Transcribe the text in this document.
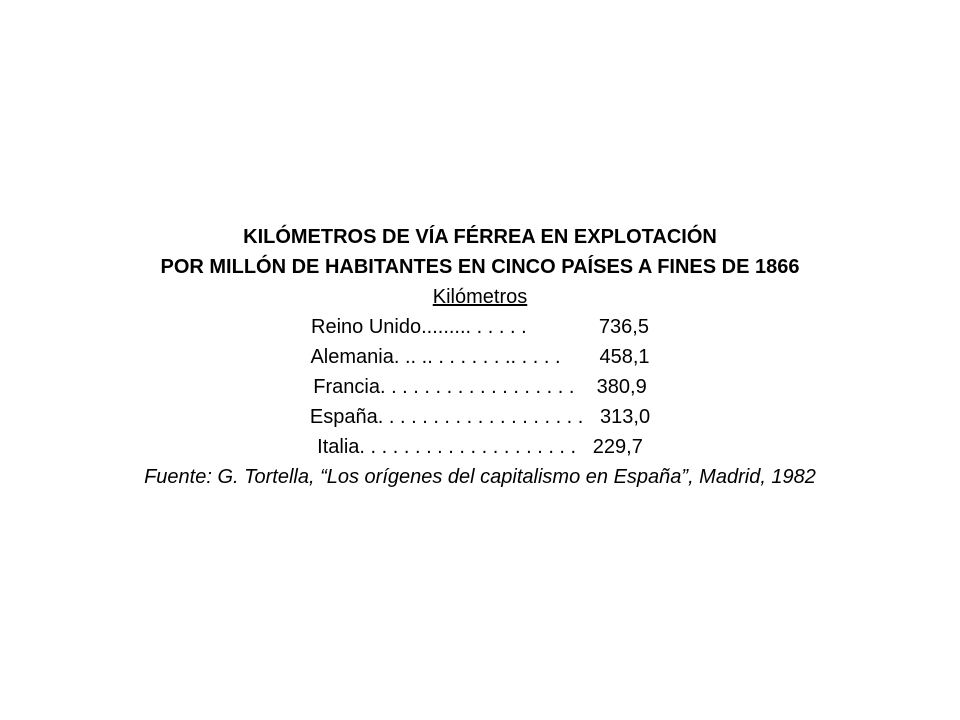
KILÓMETROS DE VÍA FÉRREA EN EXPLOTACIÓN
POR MILLÓN DE HABITANTES EN CINCO PAÍSES A FINES DE 1866
Kilómetros
Reino Unido......... . . . . .	736,5
Alemania. .. .. . . . . . . .. . . . . 458,1
Francia. . . . . . . . . . . . . . . . . . 380,9
España. . . . . . . . . . . . . . . . . . . 313,0
Italia. . . . . . . . . . . . . . . . . . . . 229,7
Fuente: G. Tortella, “Los orígenes del capitalismo en España”, Madrid, 1982
